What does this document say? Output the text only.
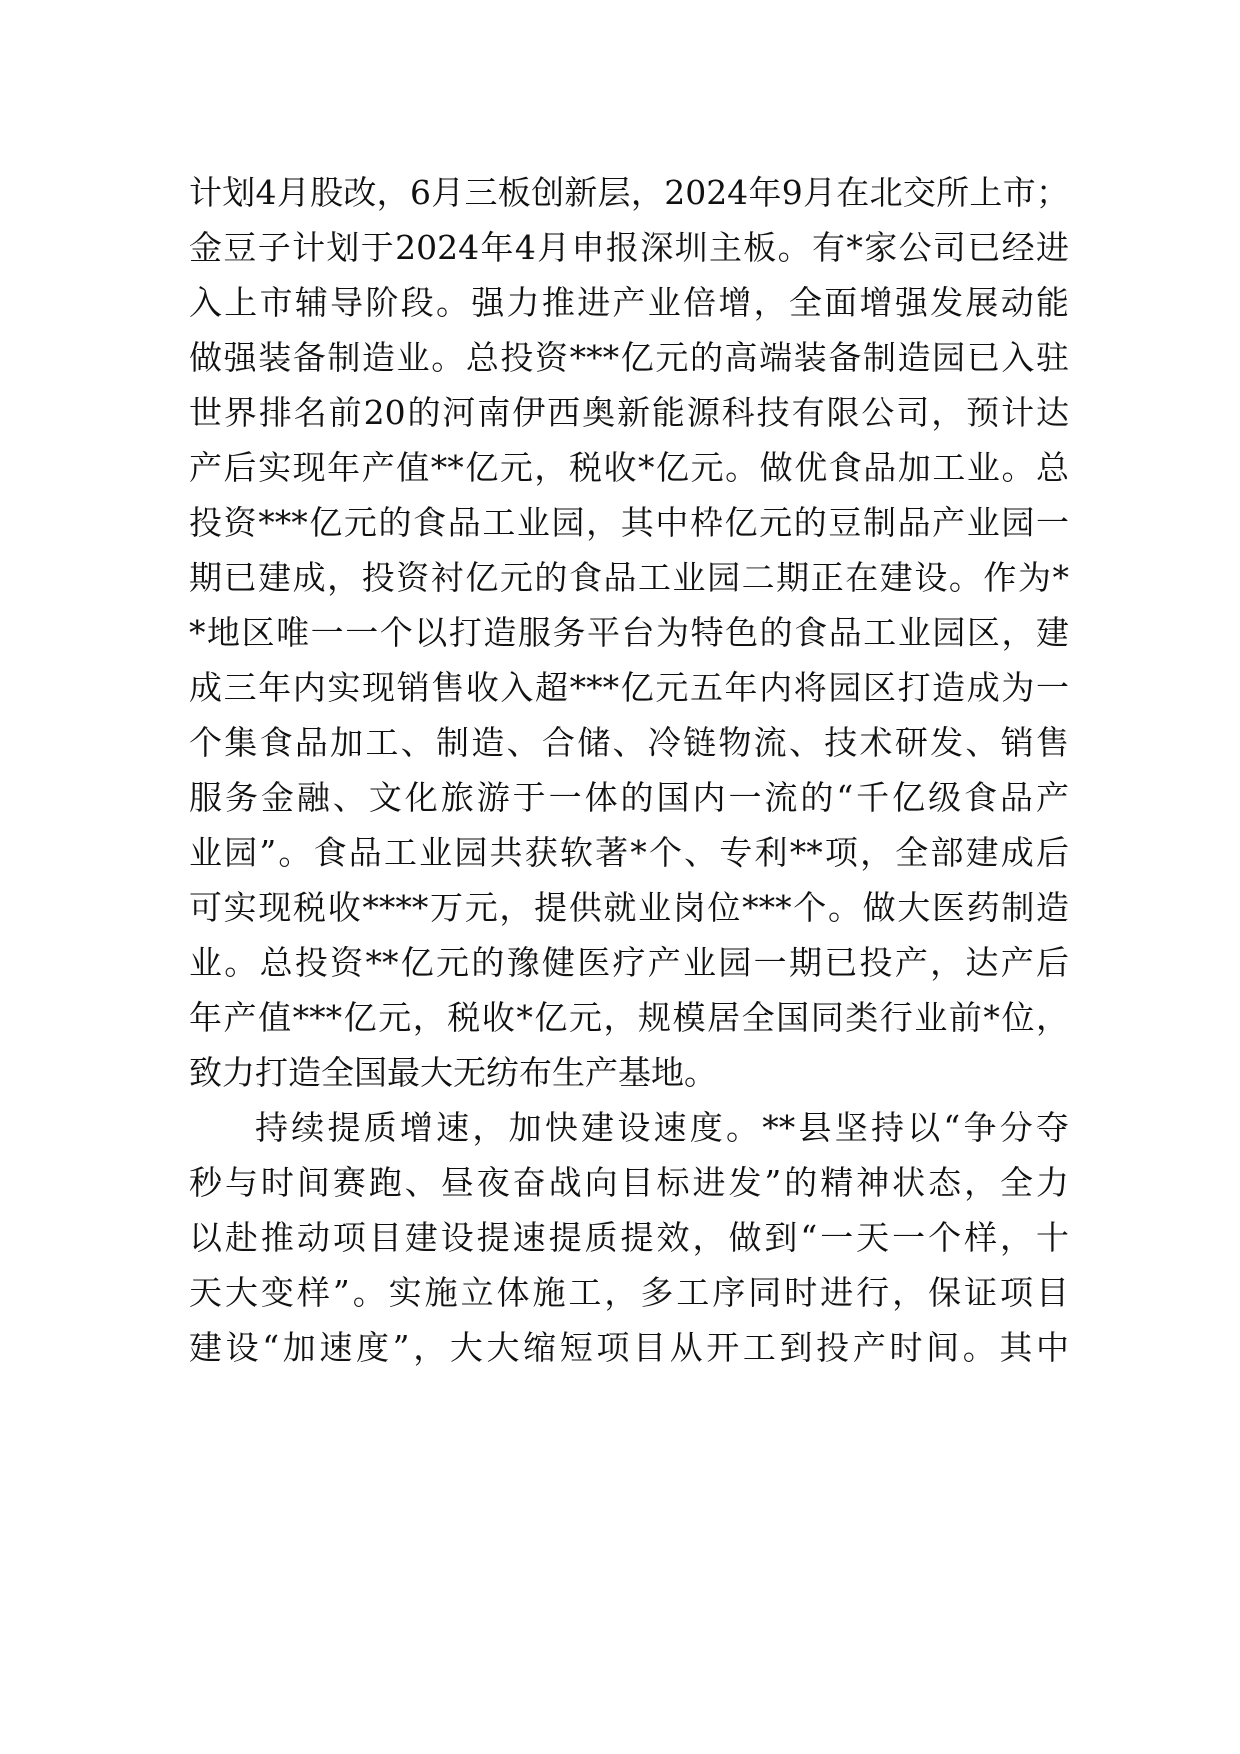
计划4月股改，6月三板创新层，2024年9月在北交所上市；
金豆子计划于2024年4月申报深圳主板。有*家公司已经进
入上市辅导阶段。强力推进产业倍增，全面增强发展动能
做强装备制造业。总投资***亿元的高端装备制造园已入驻
世界排名前20的河南伊西奥新能源科技有限公司，预计达
产后实现年产值**亿元，税收*亿元。做优食品加工业。总
投资***亿元的食品工业园，其中枠亿元的豆制品产业园一
期已建成，投资衬亿元的食品工业园二期正在建设。作为*
*地区唯一一个以打造服务平台为特色的食品工业园区，建
成三年内实现销售收入超***亿元五年内将园区打造成为一
个集食品加工、制造、合储、冷链物流、技术研发、销售
服务金融、文化旅游于一体的国内一流的“千亿级食品产
业园”。食品工业园共获软著*个、专利**项，全部建成后
可实现税收****万元，提供就业岗位***个。做大医药制造
业。总投资**亿元的豫健医疗产业园一期已投产，达产后
年产值***亿元，税收*亿元，规模居全国同类行业前*位，
致力打造全国最大无纺布生产基地。
持续提质增速，加快建设速度。**县坚持以“争分夺
秒与时间赛跑、昼夜奋战向目标进发”的精神状态，全力
以赴推动项目建设提速提质提效，做到“一天一个样，十
天大变样”。实施立体施工，多工序同时进行，保证项目
建设“加速度”，大大缩短项目从开工到投产时间。其中
